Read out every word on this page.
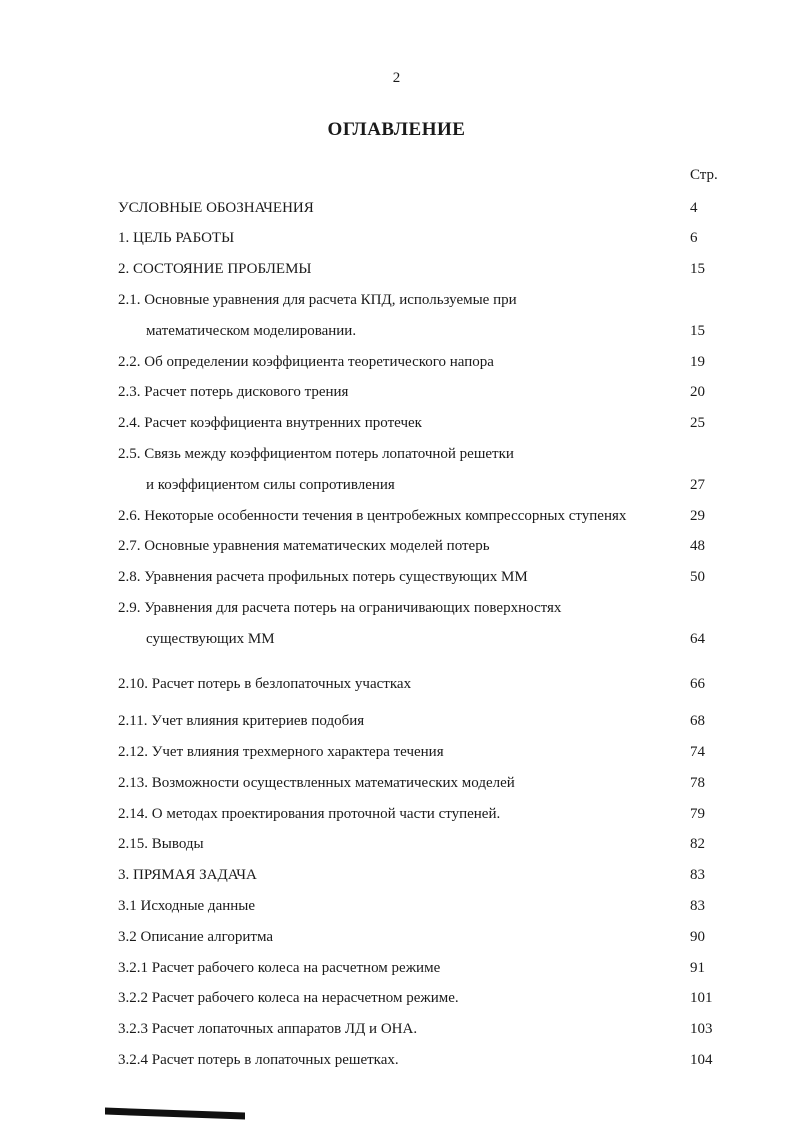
2
ОГЛАВЛЕНИЕ
Стр.
УСЛОВНЫЕ ОБОЗНАЧЕНИЯ	4
1. ЦЕЛЬ РАБОТЫ	6
2. СОСТОЯНИЕ ПРОБЛЕМЫ	15
2.1. Основные уравнения для расчета КПД, используемые при
математическом моделировании.	15
2.2. Об определении коэффициента теоретического напора	19
2.3. Расчет потерь дискового трения	20
2.4. Расчет коэффициента внутренних протечек	25
2.5. Связь между коэффициентом потерь лопаточной решетки
и коэффициентом силы сопротивления	27
2.6. Некоторые особенности течения в центробежных компрессорных ступенях	29
2.7. Основные уравнения математических моделей потерь	48
2.8. Уравнения расчета профильных потерь существующих ММ	50
2.9. Уравнения для расчета потерь на ограничивающих поверхностях
существующих ММ	64
2.10. Расчет потерь в безлопаточных участках	66
2.11. Учет влияния критериев подобия	68
2.12. Учет влияния трехмерного характера течения	74
2.13. Возможности осуществленных математических моделей	78
2.14. О методах проектирования проточной части ступеней.	79
2.15. Выводы	82
3. ПРЯМАЯ ЗАДАЧА	83
3.1 Исходные данные	83
3.2 Описание алгоритма	90
3.2.1 Расчет рабочего колеса на расчетном режиме	91
3.2.2 Расчет рабочего колеса на нерасчетном режиме.	101
3.2.3 Расчет лопаточных аппаратов ЛД и ОНА.	103
3.2.4 Расчет потерь в лопаточных решетках.	104
